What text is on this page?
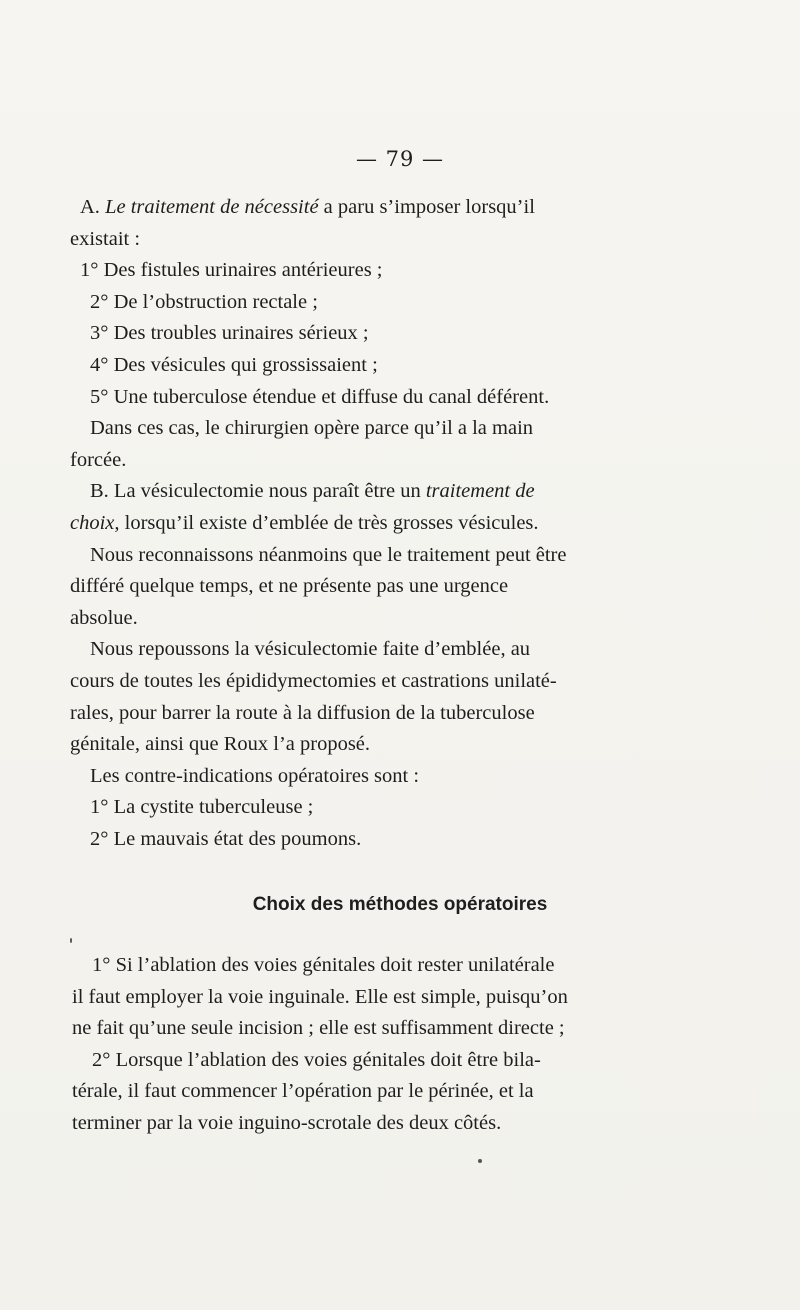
— 79 —
A. Le traitement de nécessité a paru s’imposer lorsqu’il
existait :
1° Des fistules urinaires antérieures ;
2° De l’obstruction rectale ;
3° Des troubles urinaires sérieux ;
4° Des vésicules qui grossissaient ;
5° Une tuberculose étendue et diffuse du canal déférent.
Dans ces cas, le chirurgien opère parce qu’il a la main
forcée.
B. La vésiculectomie nous paraît être un traitement de
choix, lorsqu’il existe d’emblée de très grosses vésicules.
Nous reconnaissons néanmoins que le traitement peut être
différé quelque temps, et ne présente pas une urgence
absolue.
Nous repoussons la vésiculectomie faite d’emblée, au
cours de toutes les épididymectomies et castrations unilaté-
rales, pour barrer la route à la diffusion de la tuberculose
génitale, ainsi que Roux l’a proposé.
Les contre-indications opératoires sont :
1° La cystite tuberculeuse ;
2° Le mauvais état des poumons.
Choix des méthodes opératoires
1° Si l’ablation des voies génitales doit rester unilatérale
il faut employer la voie inguinale. Elle est simple, puisqu’on
ne fait qu’une seule incision ; elle est suffisamment directe ;
2° Lorsque l’ablation des voies génitales doit être bila-
térale, il faut commencer l’opération par le périnée, et la
terminer par la voie inguino-scrotale des deux côtés.
